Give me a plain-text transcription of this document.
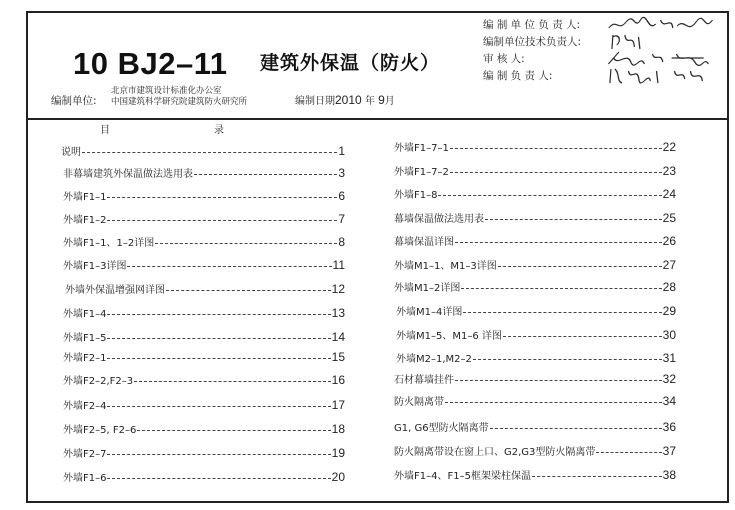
10 BJ2–11 建筑外保温（防火）
编制单位:
北京市建筑设计标准化办公室
中国建筑科学研究院建筑防火研究所	编制日期2010 年 9月
编 制 单 位 负 责 人:
编制单位技术负责人:
审 核 人:
编 制 负 责 人:
目	录
说明	1
非幕墙建筑外保温做法选用表	3
外墙F1–1	6
外墙F1–2	7
外墙F1–1、1–2详图	8
外墙F1–3详图	11
外墙外保温增强网详图	12
外墙F1–4	13
外墙F1–5	14
外墙F2–1	15
外墙F2–2,F2–3	16
外墙F2–4	17
外墙F2–5, F2–6	18
外墙F2–7	19
外墙F1–6	20
外墙F1–7–1	22
外墙F1–7–2	23
外墙F1–8	24
幕墙保温做法选用表	25
幕墙保温详图	26
外墙M1–1、M1–3详图	27
外墙M1–2详图	28
外墙M1–4详图	29
外墙M1–5、M1–6 详图	30
外墙M2–1,M2–2	31
石材幕墙挂件	32
防火隔离带	34
G1, G6型防火隔离带	36
防火隔离带设在窗上口、G2,G3型防火隔离带	37
外墙F1–4、F1–5框架梁柱保温	38
